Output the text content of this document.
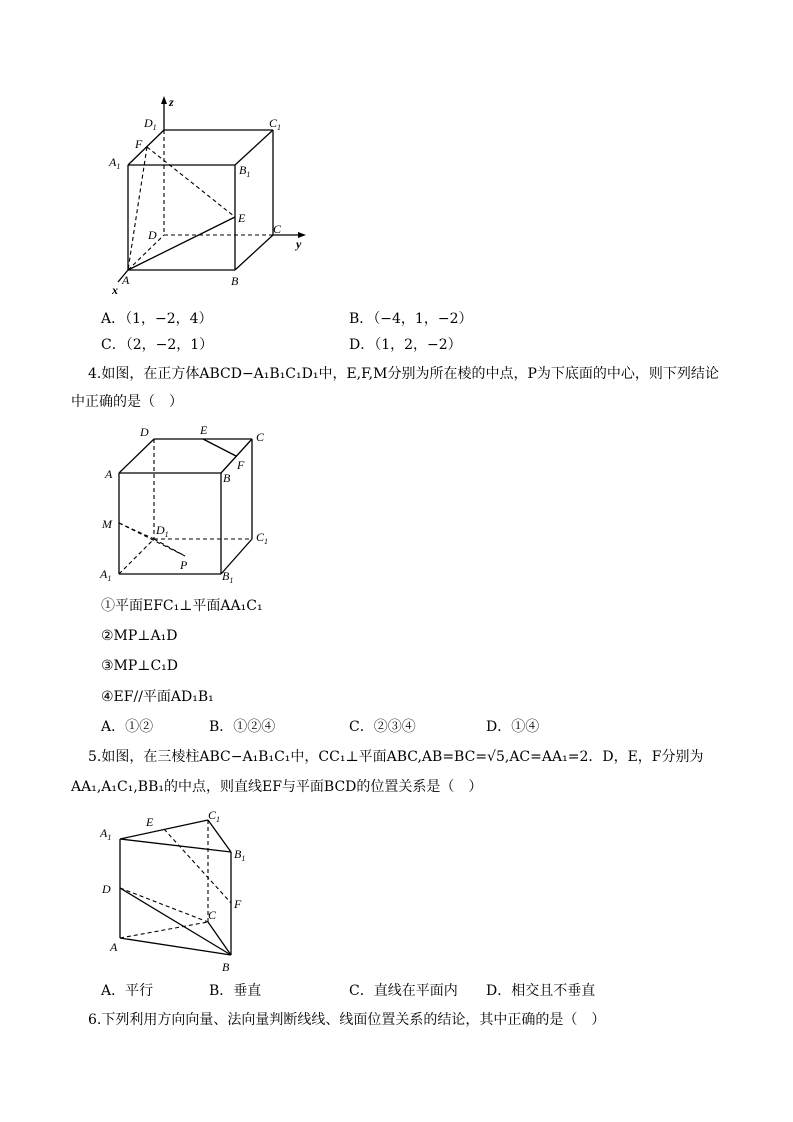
z
y
x
$D_1$	$C_1$
$A_1$	$B_1$
F
E
D	C
A	B
A．（1，−2，4）	B．（−4，1，−2）
C．（2，−2，1）	D．（1，2，−2）
4.如图，在正方体ABCD−A₁B₁C₁D₁中，E,F,M分别为所在棱的中点，P为下底面的中心，则下列结论
中正确的是（　）
D	E	C
A	B
F
M	$D_1$	$C_1$
P
$A_1$	$B_1$
①平面EFC₁⊥平面AA₁C₁
②MP⊥A₁D
③MP⊥C₁D
④EF//平面AD₁B₁
A．①②	B．①②④	C．②③④	D．①④
5.如图，在三棱柱ABC−A₁B₁C₁中，CC₁⊥平面ABC,AB=BC=√5,AC=AA₁=2．D，E，F分别为
AA₁,A₁C₁,BB₁的中点，则直线EF与平面BCD的位置关系是（　）
$A_1$
E	$C_1$
$B_1$
D
C
F
A
B
A．平行	B．垂直	C．直线在平面内 D．相交且不垂直
6.下列利用方向向量、法向量判断线线、线面位置关系的结论，其中正确的是（　）
